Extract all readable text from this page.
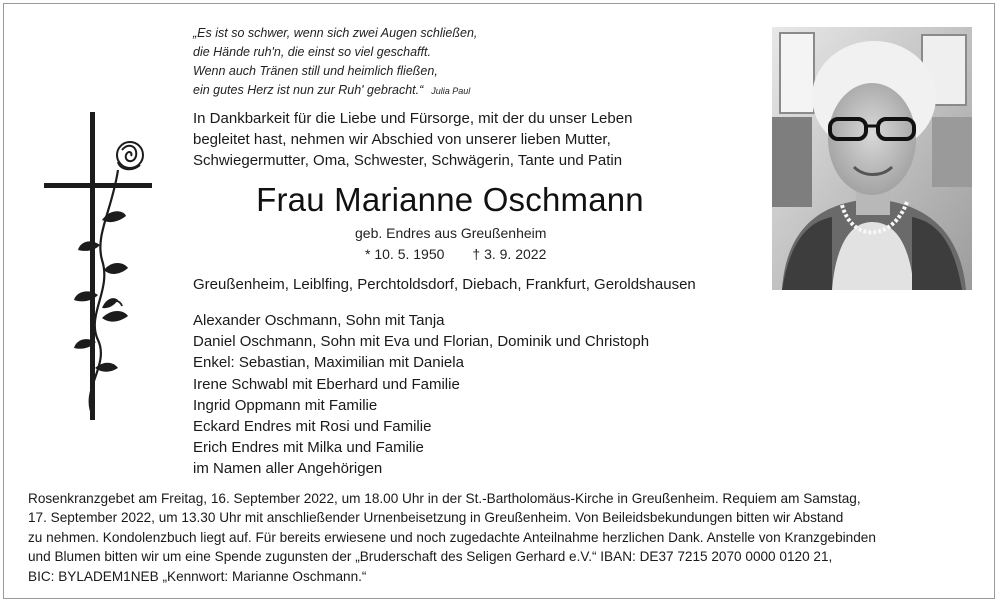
„Es ist so schwer, wenn sich zwei Augen schließen,
die Hände ruh'n, die einst so viel geschafft.
Wenn auch Tränen still und heimlich fließen,
ein gutes Herz ist nun zur Ruh' gebracht.“ Julia Paul
In Dankbarkeit für die Liebe und Fürsorge, mit der du unser Leben
begleitet hast, nehmen wir Abschied von unserer lieben Mutter,
Schwiegermutter, Oma, Schwester, Schwägerin, Tante und Patin
Frau Marianne Oschmann
geb. Endres aus Greußenheim
* 10. 5. 1950 † 3. 9. 2022
Greußenheim, Leiblfing, Perchtoldsdorf, Diebach, Frankfurt, Geroldshausen
Alexander Oschmann, Sohn mit Tanja
Daniel Oschmann, Sohn mit Eva und Florian, Dominik und Christoph
Enkel: Sebastian, Maximilian mit Daniela
Irene Schwabl mit Eberhard und Familie
Ingrid Oppmann mit Familie
Eckard Endres mit Rosi und Familie
Erich Endres mit Milka und Familie
im Namen aller Angehörigen
Rosenkranzgebet am Freitag, 16. September 2022, um 18.00 Uhr in der St.-Bartholomäus-Kirche in Greußenheim. Requiem am Samstag,
17. September 2022, um 13.30 Uhr mit anschließender Urnenbeisetzung in Greußenheim. Von Beileidsbekundungen bitten wir Abstand
zu nehmen. Kondolenzbuch liegt auf. Für bereits erwiesene und noch zugedachte Anteilnahme herzlichen Dank. Anstelle von Kranzgebinden
und Blumen bitten wir um eine Spende zugunsten der „Bruderschaft des Seligen Gerhard e.V.“ IBAN: DE37 7215 2070 0000 0120 21,
BIC: BYLADEM1NEB „Kennwort: Marianne Oschmann.“
